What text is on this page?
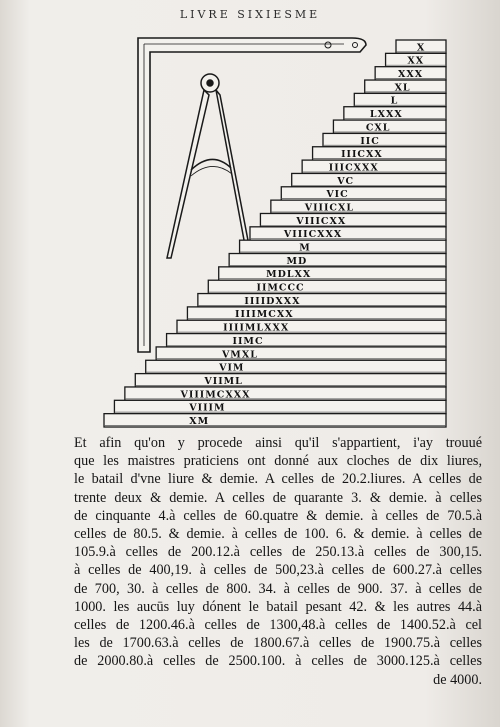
LIVRE SIXIESME
X
XX
XXX
XL
L
LXXX
CXL
IIC
IIICXX
IIICXXX
VC
VIC
VIIICXL
VIIICXX
VIIICXXX
M
MD
MDLXX
IIMCCC
IIIIDXXX
IIIIMCXX
IIIIMLXXX
IIMC
VMXL
VIM
VIIML
VIIIMCXXX
VIIIM
XM
Et afin qu'on y procede ainsi qu'il s'appartient, i'ay trouué
que les maistres praticiens ont donné aux cloches de dix liures,
le batail d'vne liure & demie. A celles de 20.2.liures. A celles de
trente deux & demie. A celles de quarante 3. & demie. à celles
de cinquante 4.à celles de 60.quatre & demie. à celles de 70.5.à
celles de 80.5. & demie. à celles de 100. 6. & demie. à celles de
105.9.à celles de 200.12.à celles de 250.13.à celles de 300,15.
à celles de 400,19. à celles de 500,23.à celles de 600.27.à celles
de 700, 30. à celles de 800. 34. à celles de 900. 37. à celles de
1000. les aucūs luy dónent le batail pesant 42. & les autres 44.à
celles de 1200.46.à celles de 1300,48.à celles de 1400.52.à cel
les de 1700.63.à celles de 1800.67.à celles de 1900.75.à celles
de 2000.80.à celles de 2500.100. à celles de 3000.125.à celles
de 4000.
